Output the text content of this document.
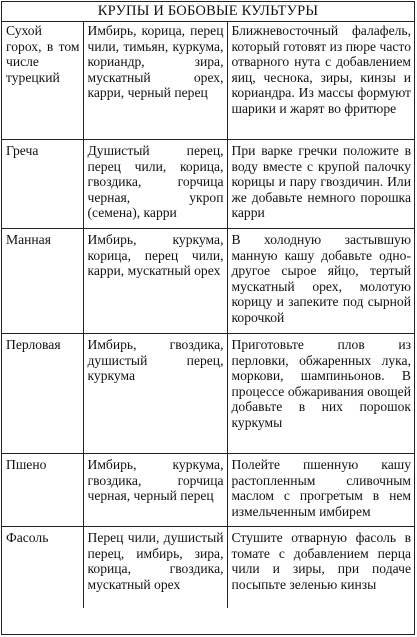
КРУПЫ И БОБОВЫЕ КУЛЬТУРЫ
Сухой горох, в том числе турецкий	Имбирь, корица, перец чили, тимьян, куркума, кориандр, зира, мускатный орех, карри, черный перец	Ближневосточный фалафель, который готовят из пюре часто отварного нута с добавлением яиц, чеснока, зиры, кинзы и кориандра. Из массы формуют шарики и жарят во фритюре
Греча	Душистый перец, перец чили, корица, гвоздика, горчица черная, укроп (семена), карри	При варке гречки положите в воду вместе с крупой палочку корицы и пару гвоздичин. Или же добавьте немного порошка карри
Манная	Имбирь, куркума, корица, перец чили, карри, мускатный орех	В холодную застывшую манную кашу добавьте одно-другое сырое яйцо, тертый мускатный орех, молотую корицу и запеките под сырной корочкой
Перловая	Имбирь, гвоздика, душистый перец, куркума	Приготовьте плов из перловки, обжаренных лука, моркови, шампиньонов. В процессе обжаривания овощей добавьте в них порошок куркумы
Пшено	Имбирь, куркума, гвоздика, горчица черная, черный перец	Полейте пшенную кашу растопленным сливочным маслом с прогретым в нем измельченным имбирем
Фасоль	Перец чили, душистый перец, имбирь, зира, корица, гвоздика, мускатный орех	Стушите отварную фасоль в томате с добавлением перца чили и зиры, при подаче посыпьте зеленью кинзы
